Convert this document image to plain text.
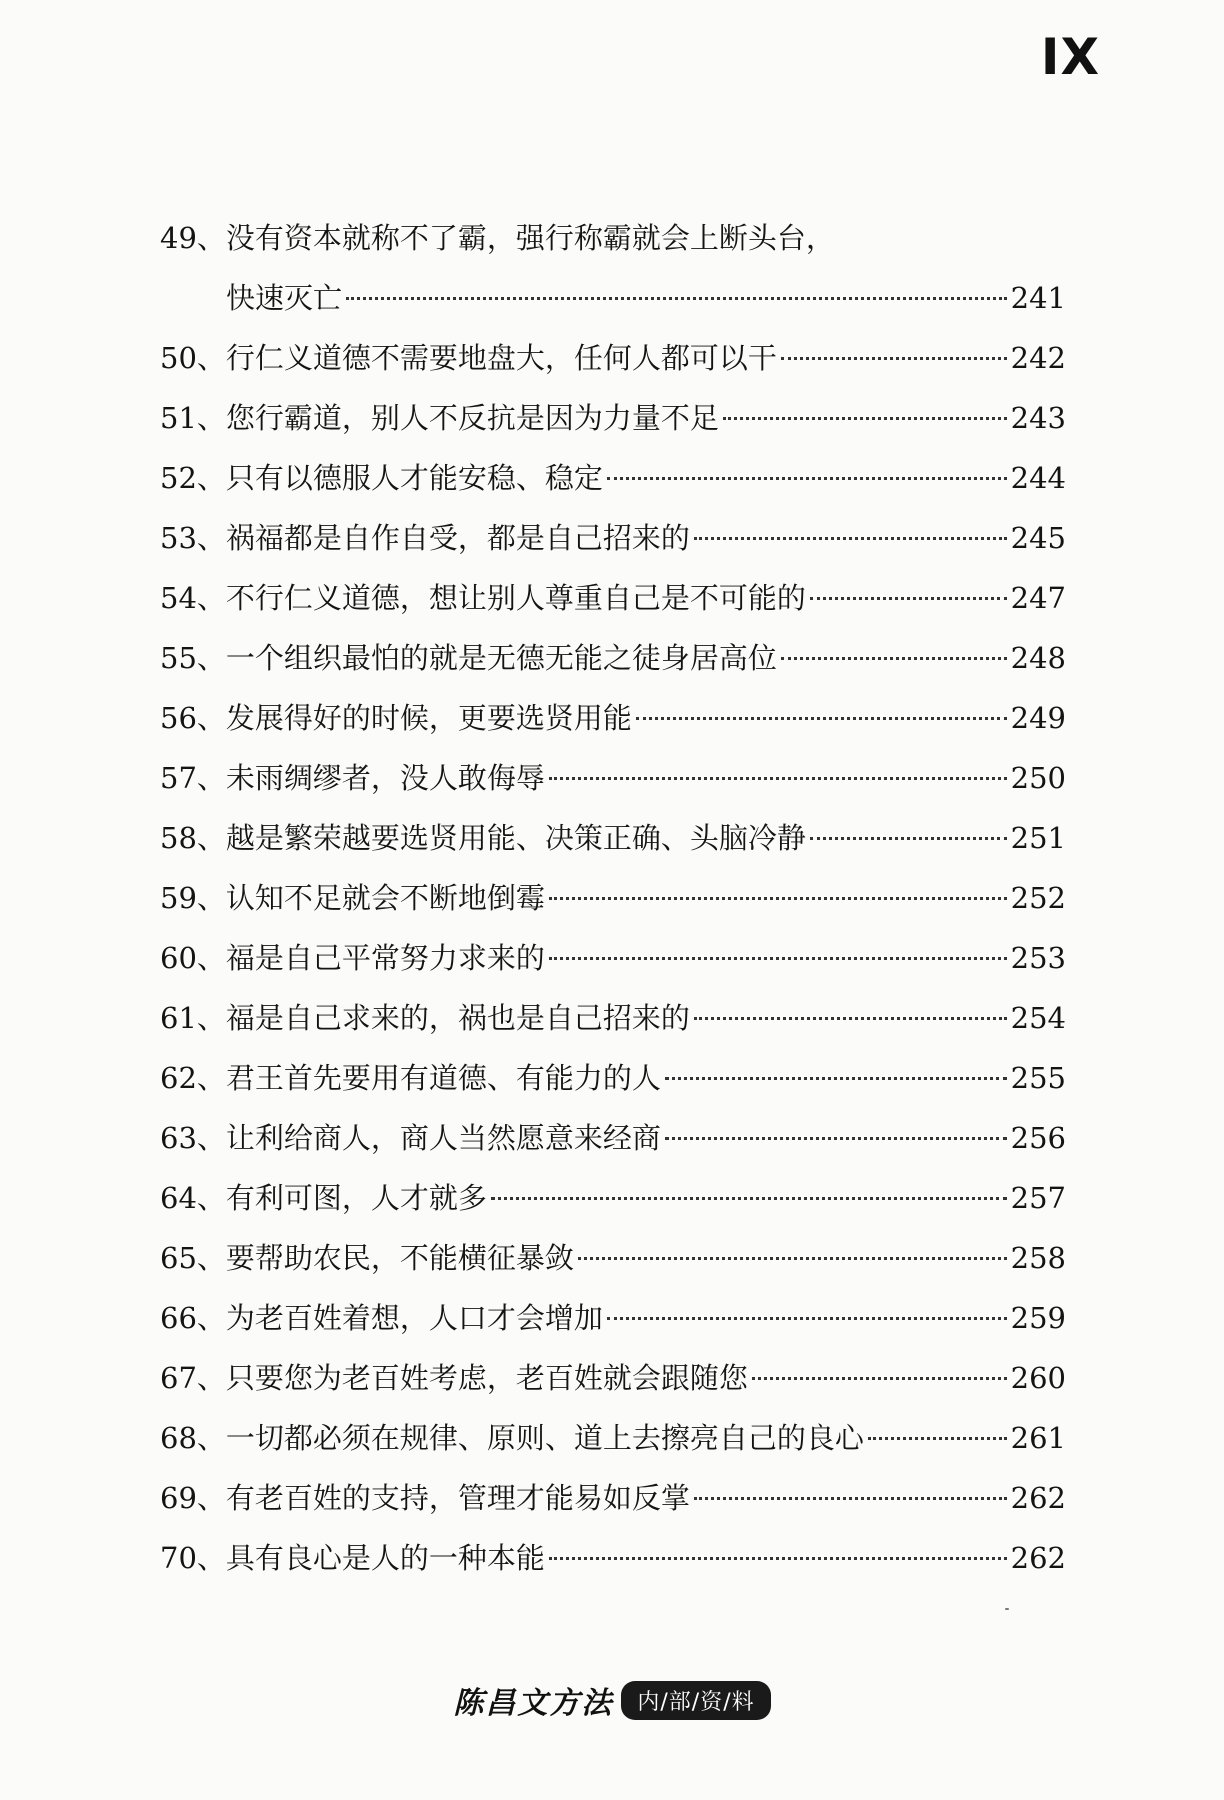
IX
49、 没有资本就称不了霸，强行称霸就会上断头台，
快速灭亡	241
50、 行仁义道德不需要地盘大，任何人都可以干	242
51、 您行霸道，别人不反抗是因为力量不足	243
52、 只有以德服人才能安稳、稳定	244
53、 祸福都是自作自受，都是自己招来的	245
54、 不行仁义道德，想让别人尊重自己是不可能的	247
55、 一个组织最怕的就是无德无能之徒身居高位	248
56、 发展得好的时候，更要选贤用能	249
57、 未雨绸缪者，没人敢侮辱	250
58、 越是繁荣越要选贤用能、决策正确、头脑冷静	251
59、 认知不足就会不断地倒霉	252
60、 福是自己平常努力求来的	253
61、 福是自己求来的，祸也是自己招来的	254
62、 君王首先要用有道德、有能力的人	255
63、 让利给商人，商人当然愿意来经商	256
64、 有利可图，人才就多	257
65、 要帮助农民，不能横征暴敛	258
66、 为老百姓着想，人口才会增加	259
67、 只要您为老百姓考虑，老百姓就会跟随您	260
68、 一切都必须在规律、原则、道上去擦亮自己的良心	261
69、 有老百姓的支持，管理才能易如反掌	262
70、 具有良心是人的一种本能	262
陈昌文方法	内/部/资/料
